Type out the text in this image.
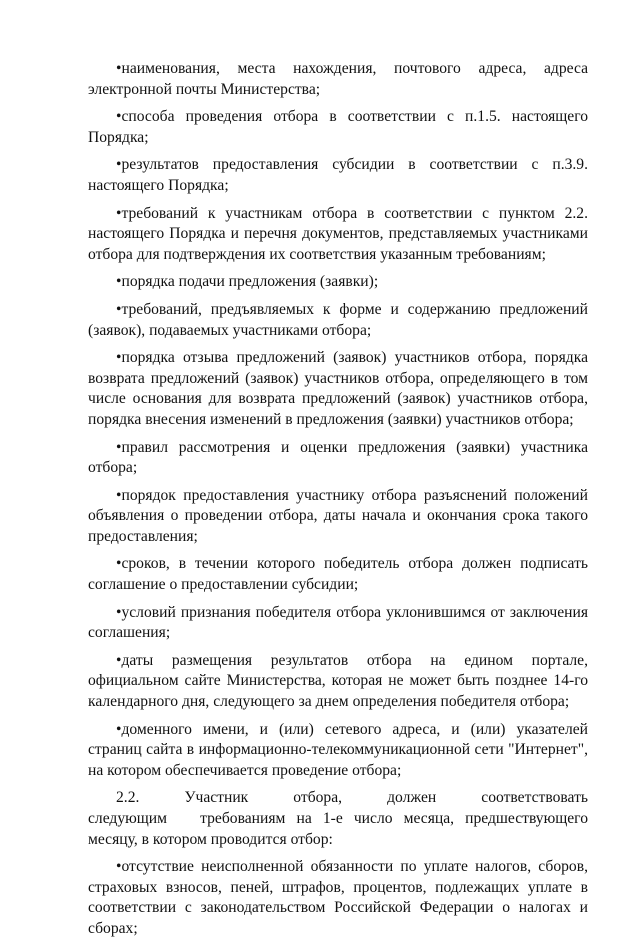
•наименования, места нахождения, почтового адреса, адреса электронной почты Министерства;

•способа проведения отбора в соответствии с п.1.5. настоящего Порядка;

•результатов предоставления субсидии в соответствии с п.3.9. настоящего Порядка;

•требований к участникам отбора в соответствии с пунктом 2.2. настоящего Порядка и перечня документов, представляемых участниками отбора для подтверждения их соответствия указанным требованиям;

•порядка подачи предложения (заявки);

•требований, предъявляемых к форме и содержанию предложений (заявок), подаваемых участниками отбора;

•порядка отзыва предложений (заявок) участников отбора, порядка возврата предложений (заявок) участников отбора, определяющего в том числе основания для возврата предложений (заявок) участников отбора, порядка внесения изменений в предложения (заявки) участников отбора;

•правил рассмотрения и оценки предложения (заявки) участника отбора;

•порядок предоставления участнику отбора разъяснений положений объявления о проведении отбора, даты начала и окончания срока такого предоставления;

•сроков, в течении которого победитель отбора должен подписать соглашение о предоставлении субсидии;

•условий признания победителя отбора уклонившимся от заключения соглашения;

•даты размещения результатов отбора на едином портале, официальном сайте Министерства, которая не может быть позднее 14-го календарного дня, следующего за днем определения победителя отбора;

•доменного имени, и (или) сетевого адреса, и (или) указателей страниц сайта в информационно-телекоммуникационной сети "Интернет", на котором обеспечивается проведение отбора;

2.2. Участник отбора, должен соответствовать следующим требованиям на 1-е число месяца, предшествующего месяцу, в котором проводится отбор:

•отсутствие неисполненной обязанности по уплате налогов, сборов, страховых взносов, пеней, штрафов, процентов, подлежащих уплате в соответствии с законодательством Российской Федерации о налогах и сборах;
